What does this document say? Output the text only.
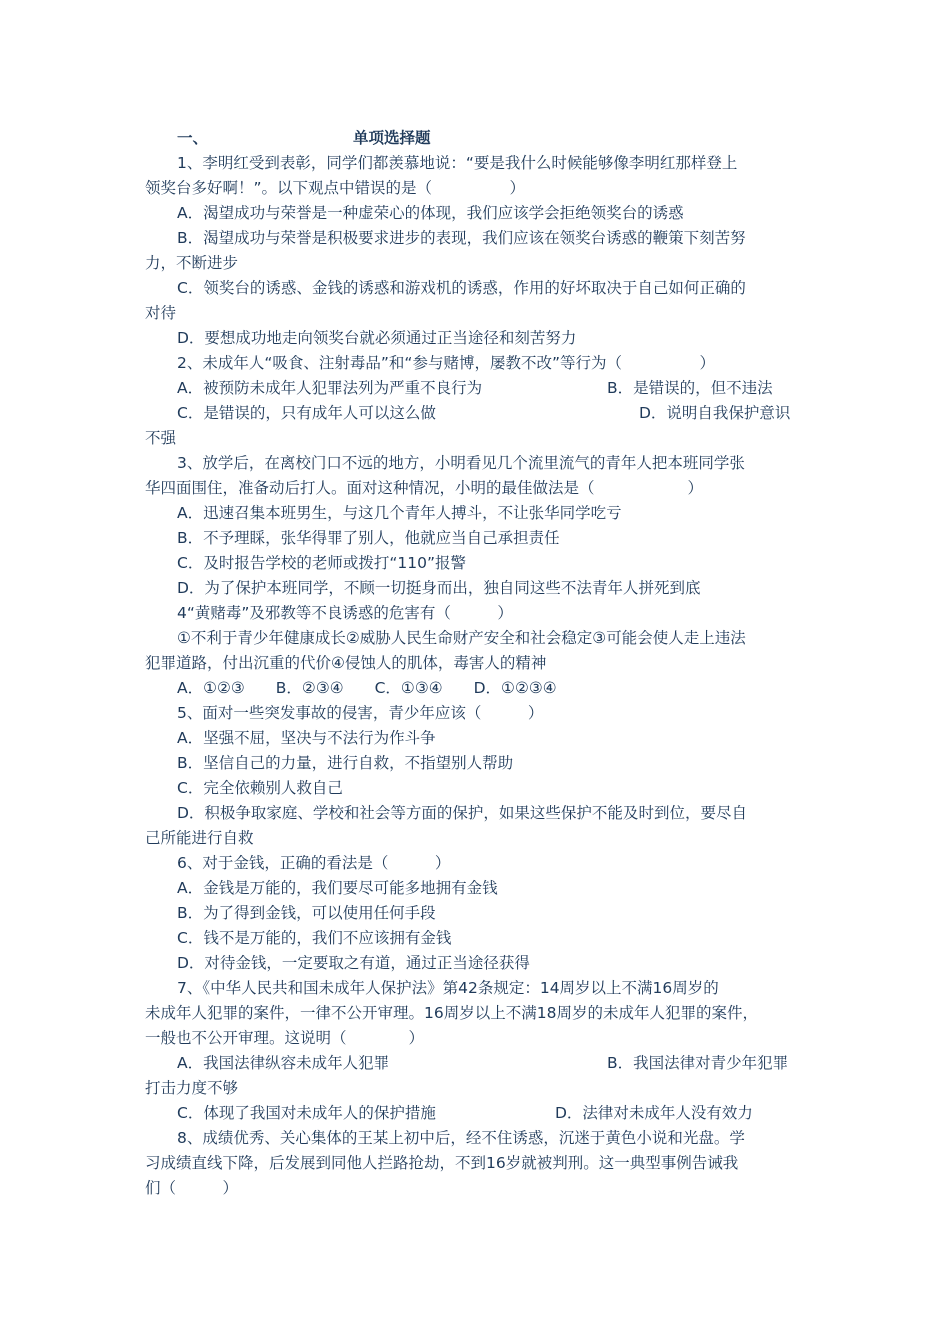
一、	单项选择题
1、李明红受到表彰，同学们都羡慕地说：“要是我什么时候能够像李明红那样登上
领奖台多好啊！”。以下观点中错误的是（　　　　　）
A．渴望成功与荣誉是一种虚荣心的体现，我们应该学会拒绝领奖台的诱惑
B．渴望成功与荣誉是积极要求进步的表现，我们应该在领奖台诱惑的鞭策下刻苦努
力，不断进步
C．领奖台的诱惑、金钱的诱惑和游戏机的诱惑，作用的好坏取决于自己如何正确的
对待
D．要想成功地走向领奖台就必须通过正当途径和刻苦努力
2、未成年人“吸食、注射毒品”和“参与赌博，屡教不改”等行为（　　　　　）
A．被预防未成年人犯罪法列为严重不良行为	B．是错误的，但不违法
C．是错误的，只有成年人可以这么做	D．说明自我保护意识
不强
3、放学后，在离校门口不远的地方，小明看见几个流里流气的青年人把本班同学张
华四面围住，准备动后打人。面对这种情况，小明的最佳做法是（　　　　　　）
A．迅速召集本班男生，与这几个青年人搏斗，不让张华同学吃亏
B．不予理睬，张华得罪了别人，他就应当自己承担责任
C．及时报告学校的老师或拨打“110”报警
D．为了保护本班同学，不顾一切挺身而出，独自同这些不法青年人拼死到底
4“黄赌毒”及邪教等不良诱惑的危害有（　　　）
①不利于青少年健康成长②威胁人民生命财产安全和社会稳定③可能会使人走上违法
犯罪道路，付出沉重的代价④侵蚀人的肌体，毒害人的精神
A．①②③　　B．②③④　　C．①③④　　D．①②③④
5、面对一些突发事故的侵害，青少年应该（　　　）
A．坚强不屈，坚决与不法行为作斗争
B．坚信自己的力量，进行自救，不指望别人帮助
C．完全依赖别人救自己
D．积极争取家庭、学校和社会等方面的保护，如果这些保护不能及时到位，要尽自
己所能进行自救
6、对于金钱，正确的看法是（　　　）
A．金钱是万能的，我们要尽可能多地拥有金钱
B．为了得到金钱，可以使用任何手段
C．钱不是万能的，我们不应该拥有金钱
D．对待金钱，一定要取之有道，通过正当途径获得
7、《中华人民共和国未成年人保护法》第42条规定：14周岁以上不满16周岁的
未成年人犯罪的案件，一律不公开审理。16周岁以上不满18周岁的未成年人犯罪的案件，
一般也不公开审理。这说明（　　　　）
A．我国法律纵容未成年人犯罪	B．我国法律对青少年犯罪
打击力度不够
C．体现了我国对未成年人的保护措施	D．法律对未成年人没有效力
8、成绩优秀、关心集体的王某上初中后，经不住诱惑，沉迷于黄色小说和光盘。学
习成绩直线下降，后发展到同他人拦路抢劫，不到16岁就被判刑。这一典型事例告诫我
们（　　　）
